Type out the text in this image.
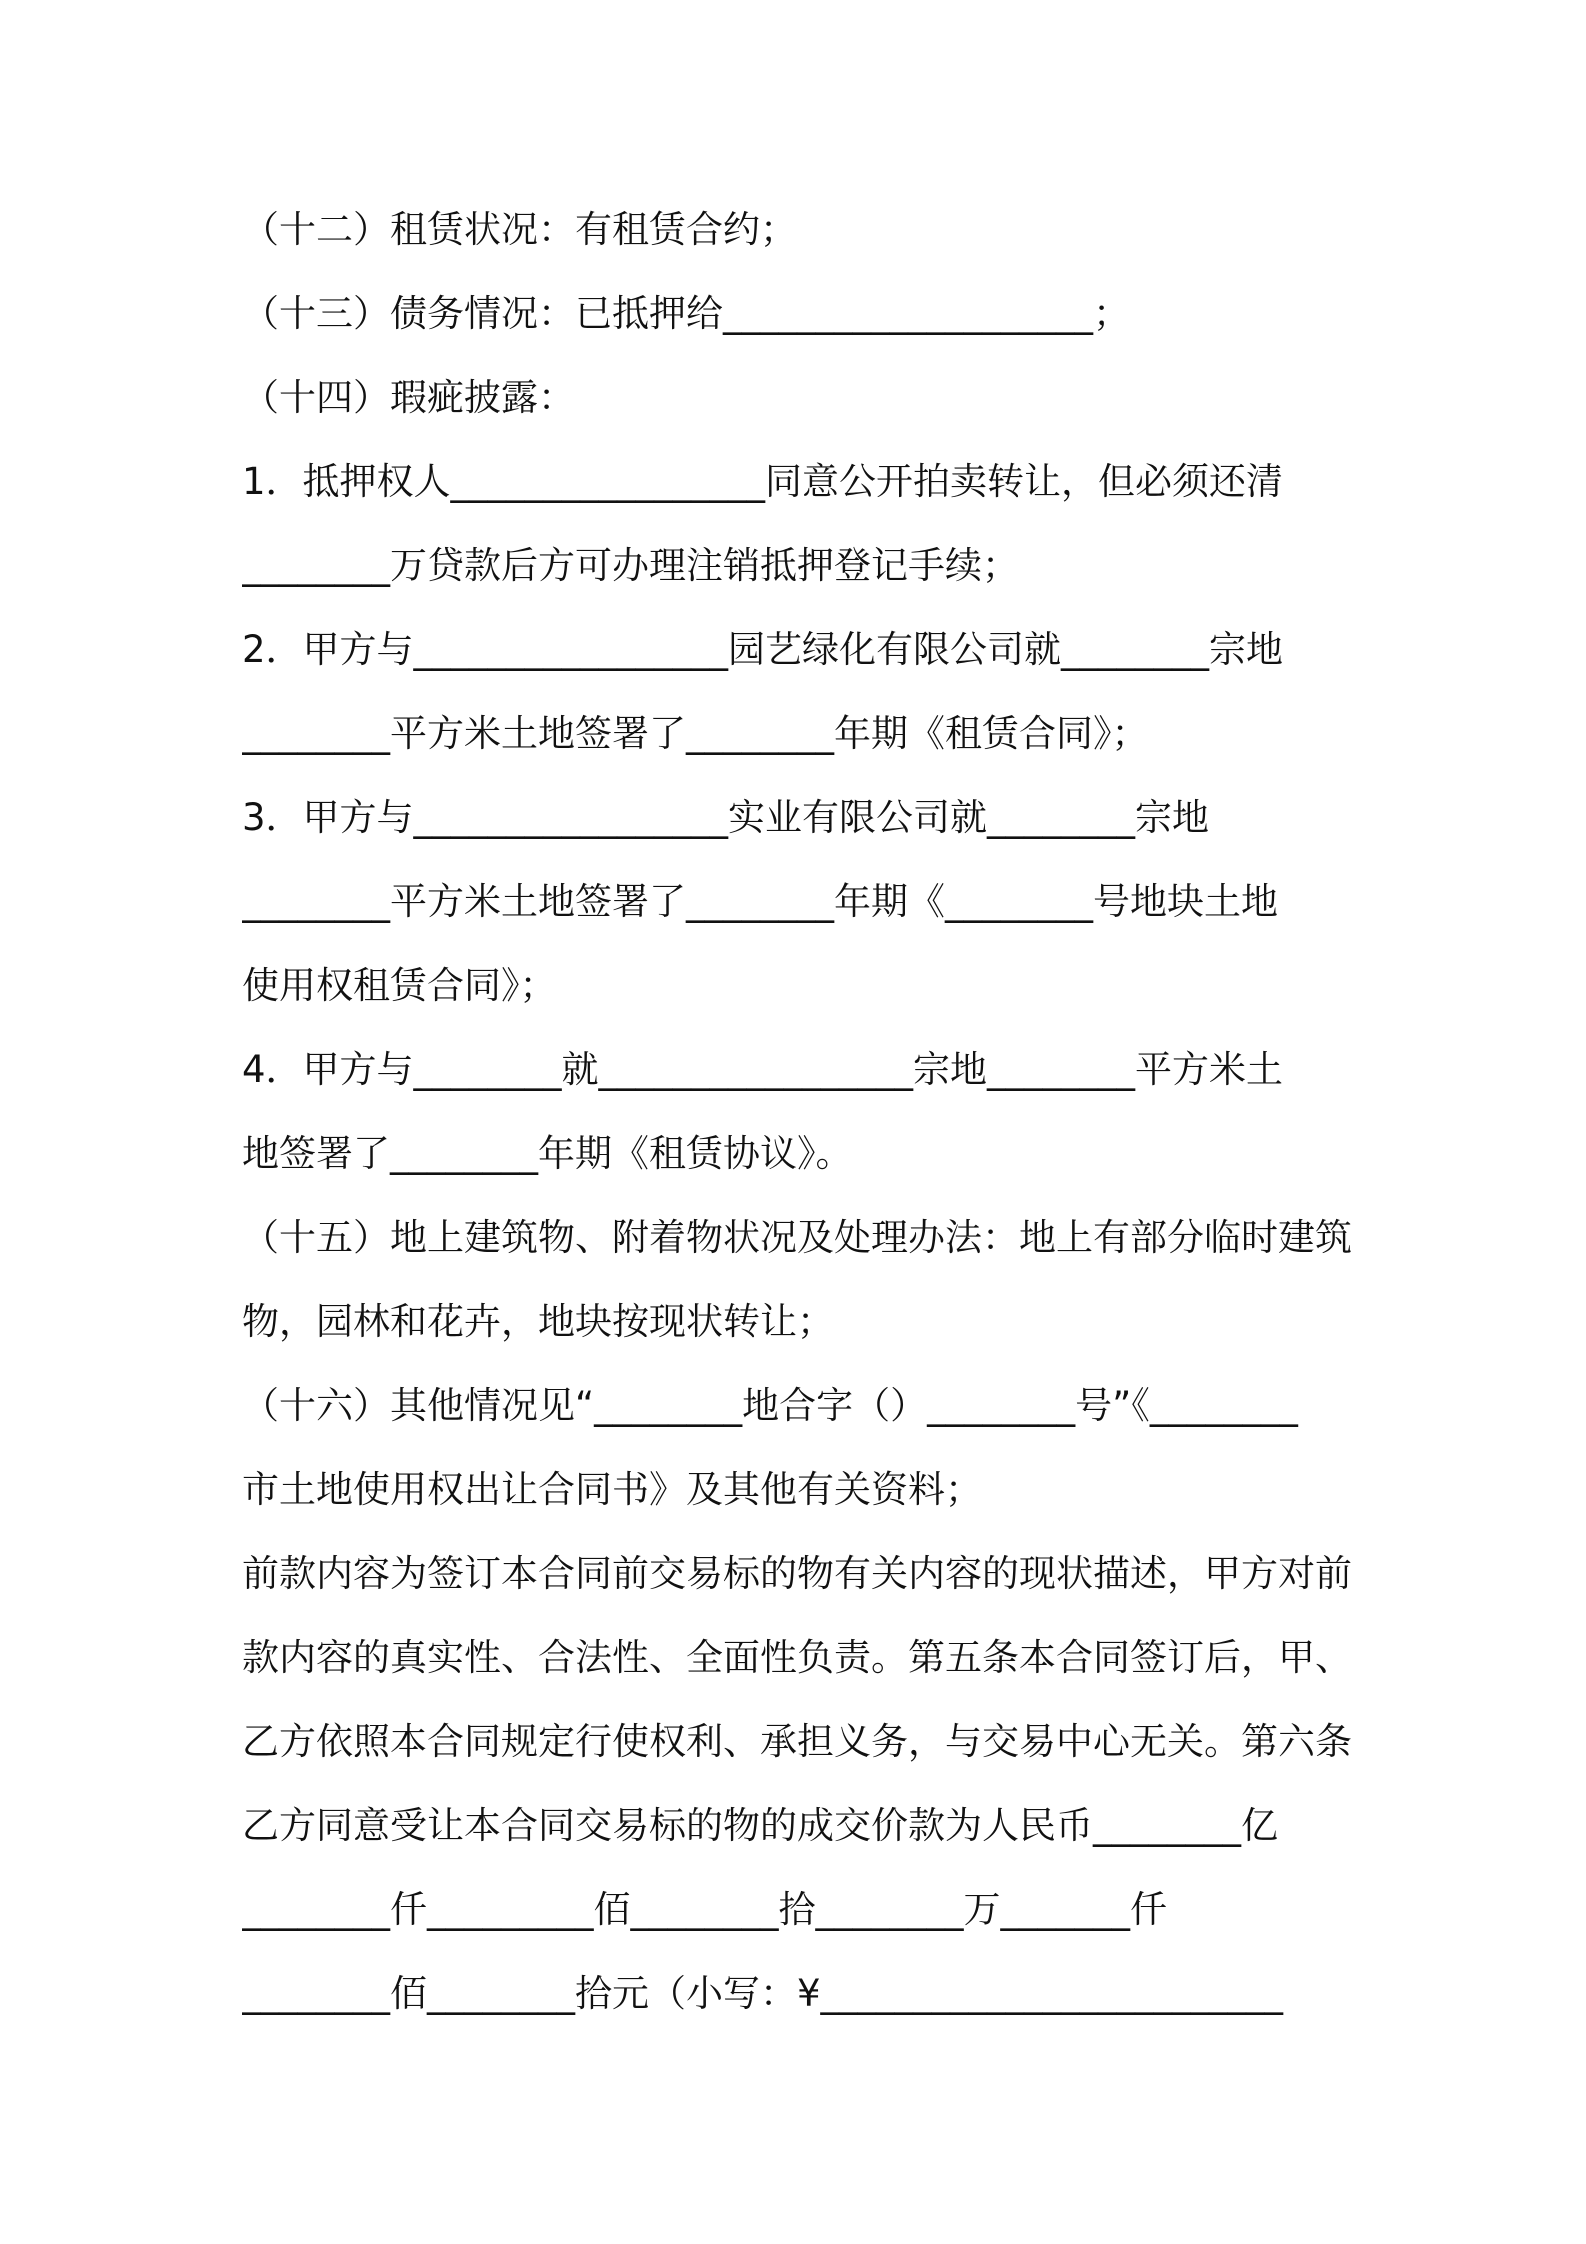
（十二）租赁状况：有租赁合约；
（十三）债务情况：已抵押给____________________；
（十四）瑕疵披露：
1．抵押权人_________________同意公开拍卖转让，但必须还清
________万贷款后方可办理注销抵押登记手续；
2．甲方与_________________园艺绿化有限公司就________宗地
________平方米土地签署了________年期《租赁合同》；
3．甲方与_________________实业有限公司就________宗地
________平方米土地签署了________年期《________号地块土地
使用权租赁合同》；
4．甲方与________就_________________宗地________平方米土
地签署了________年期《租赁协议》。
（十五）地上建筑物、附着物状况及处理办法：地上有部分临时建筑
物，园林和花卉，地块按现状转让；
（十六）其他情况见“________地合字（）________号”《________
市土地使用权出让合同书》及其他有关资料；
前款内容为签订本合同前交易标的物有关内容的现状描述，甲方对前
款内容的真实性、合法性、全面性负责。第五条本合同签订后，甲、
乙方依照本合同规定行使权利、承担义务，与交易中心无关。第六条
乙方同意受让本合同交易标的物的成交价款为人民币________亿
________仟_________佰________拾________万_______仟
________佰________拾元（小写：¥_________________________
